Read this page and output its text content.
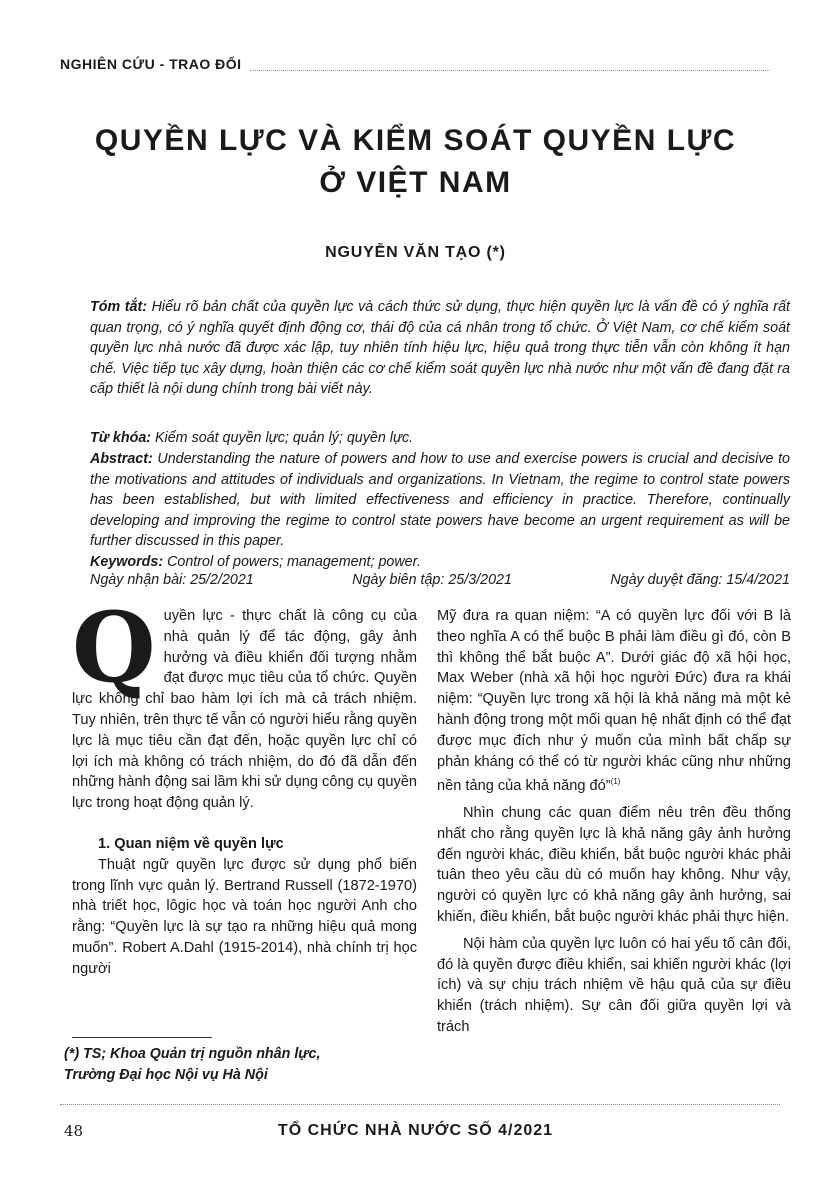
NGHIÊN CỨU - TRAO ĐỔI
QUYỀN LỰC VÀ KIỂM SOÁT QUYỀN LỰC
Ở VIỆT NAM
NGUYỄN VĂN TẠO (*)
Tóm tắt: Hiểu rõ bản chất của quyền lực và cách thức sử dụng, thực hiện quyền lực là vấn đề có ý nghĩa rất quan trọng, có ý nghĩa quyết định động cơ, thái độ của cá nhân trong tổ chức. Ở Việt Nam, cơ chế kiểm soát quyền lực nhà nước đã được xác lập, tuy nhiên tính hiệu lực, hiệu quả trong thực tiễn vẫn còn không ít hạn chế. Việc tiếp tục xây dựng, hoàn thiện các cơ chế kiểm soát quyền lực nhà nước như một vấn đề đang đặt ra cấp thiết là nội dung chính trong bài viết này.
Từ khóa: Kiểm soát quyền lực; quản lý; quyền lực.
Abstract: Understanding the nature of powers and how to use and exercise powers is crucial and decisive to the motivations and attitudes of individuals and organizations. In Vietnam, the regime to control state powers has been established, but with limited effectiveness and efficiency in practice. Therefore, continually developing and improving the regime to control state powers have become an urgent requirement as will be further discussed in this paper.
Keywords: Control of powers; management; power.
Ngày nhận bài: 25/2/2021	Ngày biên tập: 25/3/2021	Ngày duyệt đăng: 15/4/2021

Quyền lực - thực chất là công cụ của nhà quản lý để tác động, gây ảnh hưởng và điều khiển đối tượng nhằm đạt được mục tiêu của tổ chức. Quyền lực không chỉ bao hàm lợi ích mà cả trách nhiệm. Tuy nhiên, trên thực tế vẫn có người hiểu rằng quyền lực là mục tiêu cần đạt đến, hoặc quyền lực chỉ có lợi ích mà không có trách nhiệm, do đó đã dẫn đến những hành động sai lầm khi sử dụng công cụ quyền lực trong hoạt động quản lý.

1. Quan niệm về quyền lực

Thuật ngữ quyền lực được sử dụng phổ biến trong lĩnh vực quản lý. Bertrand Russell (1872-1970) nhà triết học, lôgic học và toán học người Anh cho rằng: “Quyền lực là sự tạo ra những hiệu quả mong muốn”. Robert A.Dahl (1915-2014), nhà chính trị học người

Mỹ đưa ra quan niệm: “A có quyền lực đối với B là theo nghĩa A có thể buộc B phải làm điều gì đó, còn B thì không thể bắt buộc A”. Dưới giác độ xã hội học, Max Weber (nhà xã hội học người Đức) đưa ra khái niệm: “Quyền lực trong xã hội là khả năng mà một kẻ hành động trong một mối quan hệ nhất định có thể đạt được mục đích như ý muốn của mình bất chấp sự phản kháng có thể có từ người khác cũng như những nền tảng của khả năng đó”$^{(1)}$

Nhìn chung các quan điểm nêu trên đều thống nhất cho rằng quyền lực là khả năng gây ảnh hưởng đến người khác, điều khiển, bắt buộc người khác phải tuân theo yêu cầu dù có muốn hay không. Như vậy, người có quyền lực có khả năng gây ảnh hưởng, sai khiến, điều khiển, bắt buộc người khác phải thực hiện.

Nội hàm của quyền lực luôn có hai yếu tố cân đối, đó là quyền được điều khiển, sai khiến người khác (lợi ích) và sự chịu trách nhiệm về hậu quả của sự điều khiển (trách nhiệm). Sự cân đối giữa quyền lợi và trách

(*) TS; Khoa Quản trị nguồn nhân lực,
Trường Đại học Nội vụ Hà Nội
48	TỔ CHỨC NHÀ NƯỚC SỐ 4/2021
